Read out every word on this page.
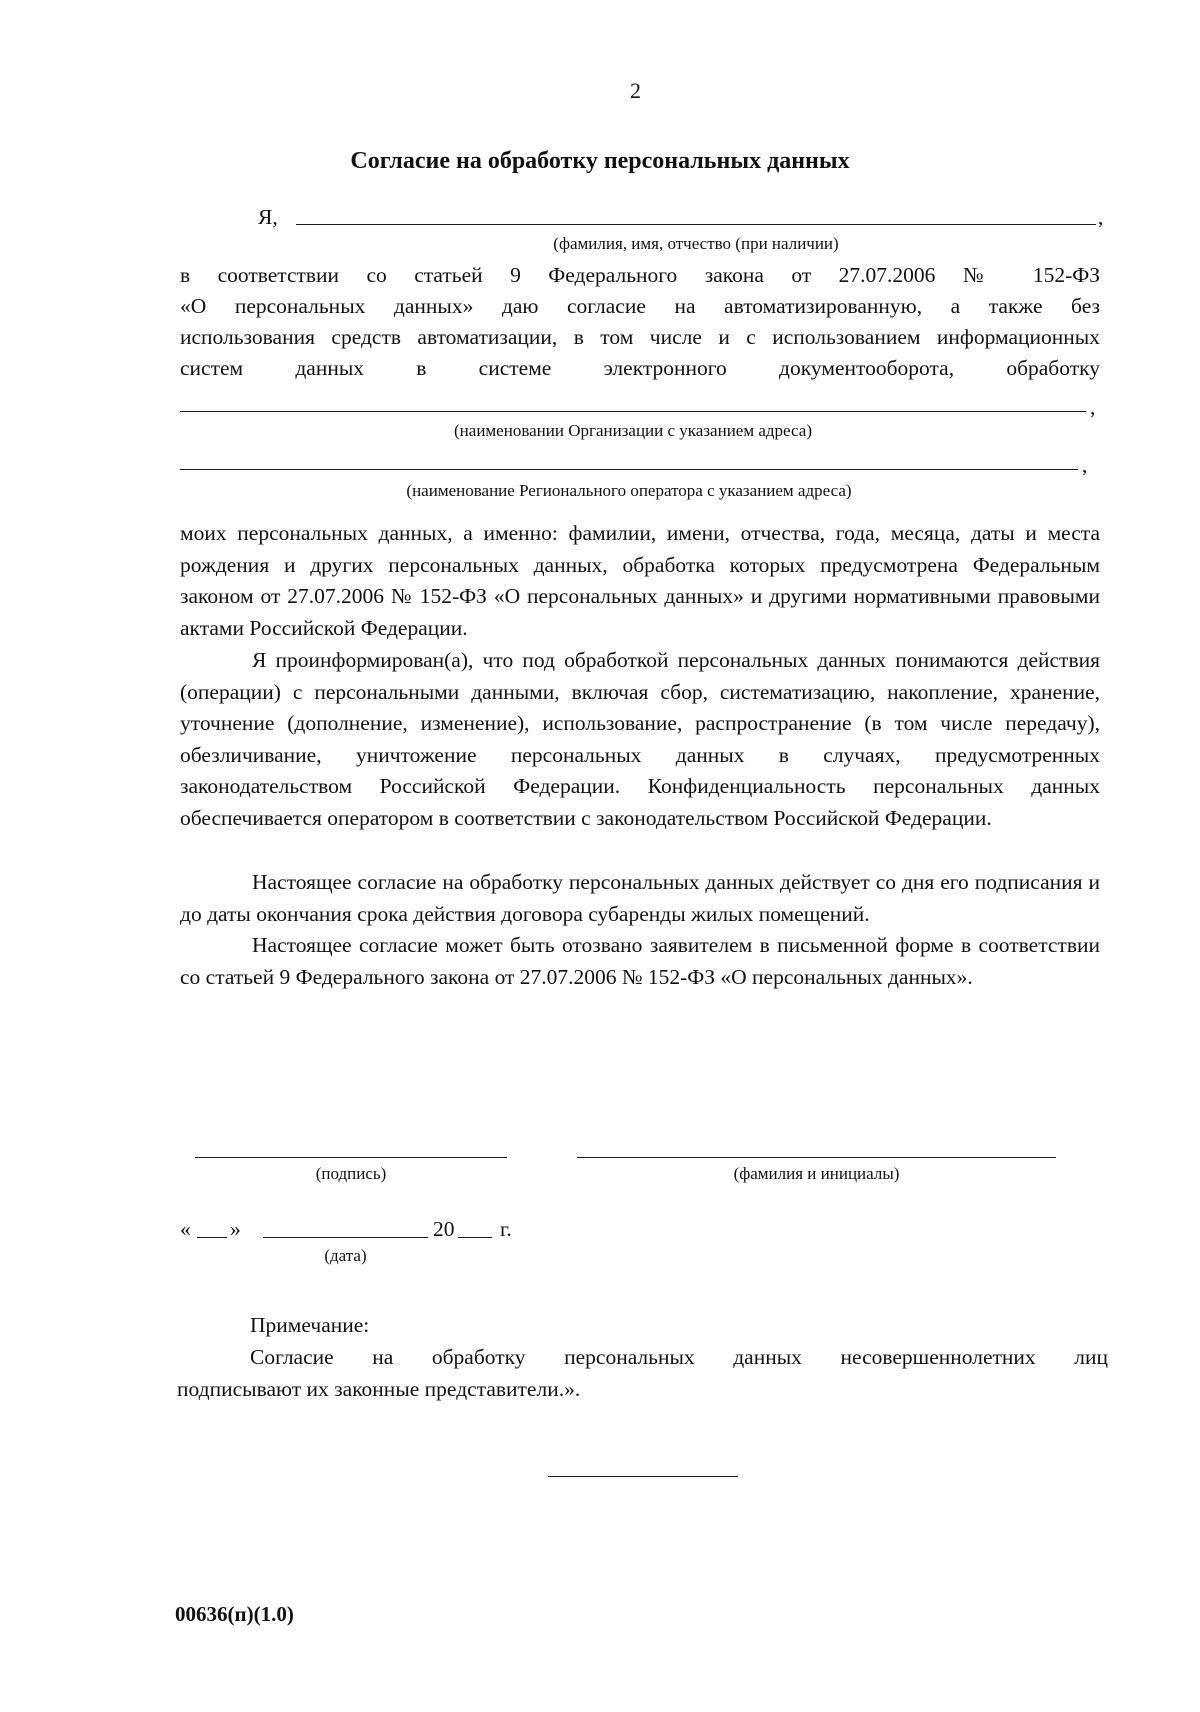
2
Согласие на обработку персональных данных
Я,	,
(фамилия, имя, отчество (при наличии)
в соответствии со статьей 9 Федерального закона от 27.07.2006 № 152-ФЗ
«О персональных данных» даю согласие на автоматизированную, а также без
использования средств автоматизации, в том числе и с использованием информационных
систем данных в системе электронного документооборота, обработку
,
(наименовании Организации с указанием адреса)
,
(наименование Регионального оператора с указанием адреса)

моих персональных данных, а именно: фамилии, имени, отчества, года, месяца, даты и места рождения и других персональных данных, обработка которых предусмотрена Федеральным законом от 27.07.2006 № 152-ФЗ «О персональных данных» и другими нормативными правовыми актами Российской Федерации.

Я проинформирован(а), что под обработкой персональных данных понимаются действия (операции) с персональными данными, включая сбор, систематизацию, накопление, хранение, уточнение (дополнение, изменение), использование, распространение (в том числе передачу), обезличивание, уничтожение персональных данных в случаях, предусмотренных законодательством Российской Федерации. Конфиденциальность персональных данных обеспечивается оператором в соответствии с законодательством Российской Федерации.

Настоящее согласие на обработку персональных данных действует со дня его подписания и до даты окончания срока действия договора субаренды жилых помещений.

Настоящее согласие может быть отозвано заявителем в письменной форме в соответствии со статьей 9 Федерального закона от 27.07.2006 № 152-ФЗ «О персональных данных».

(подпись)	(фамилия и инициалы)
« »	20 г.
(дата)
Примечание:
Согласие на обработку персональных данных несовершеннолетних лиц
подписывают их законные представители.».
00636(п)(1.0)
